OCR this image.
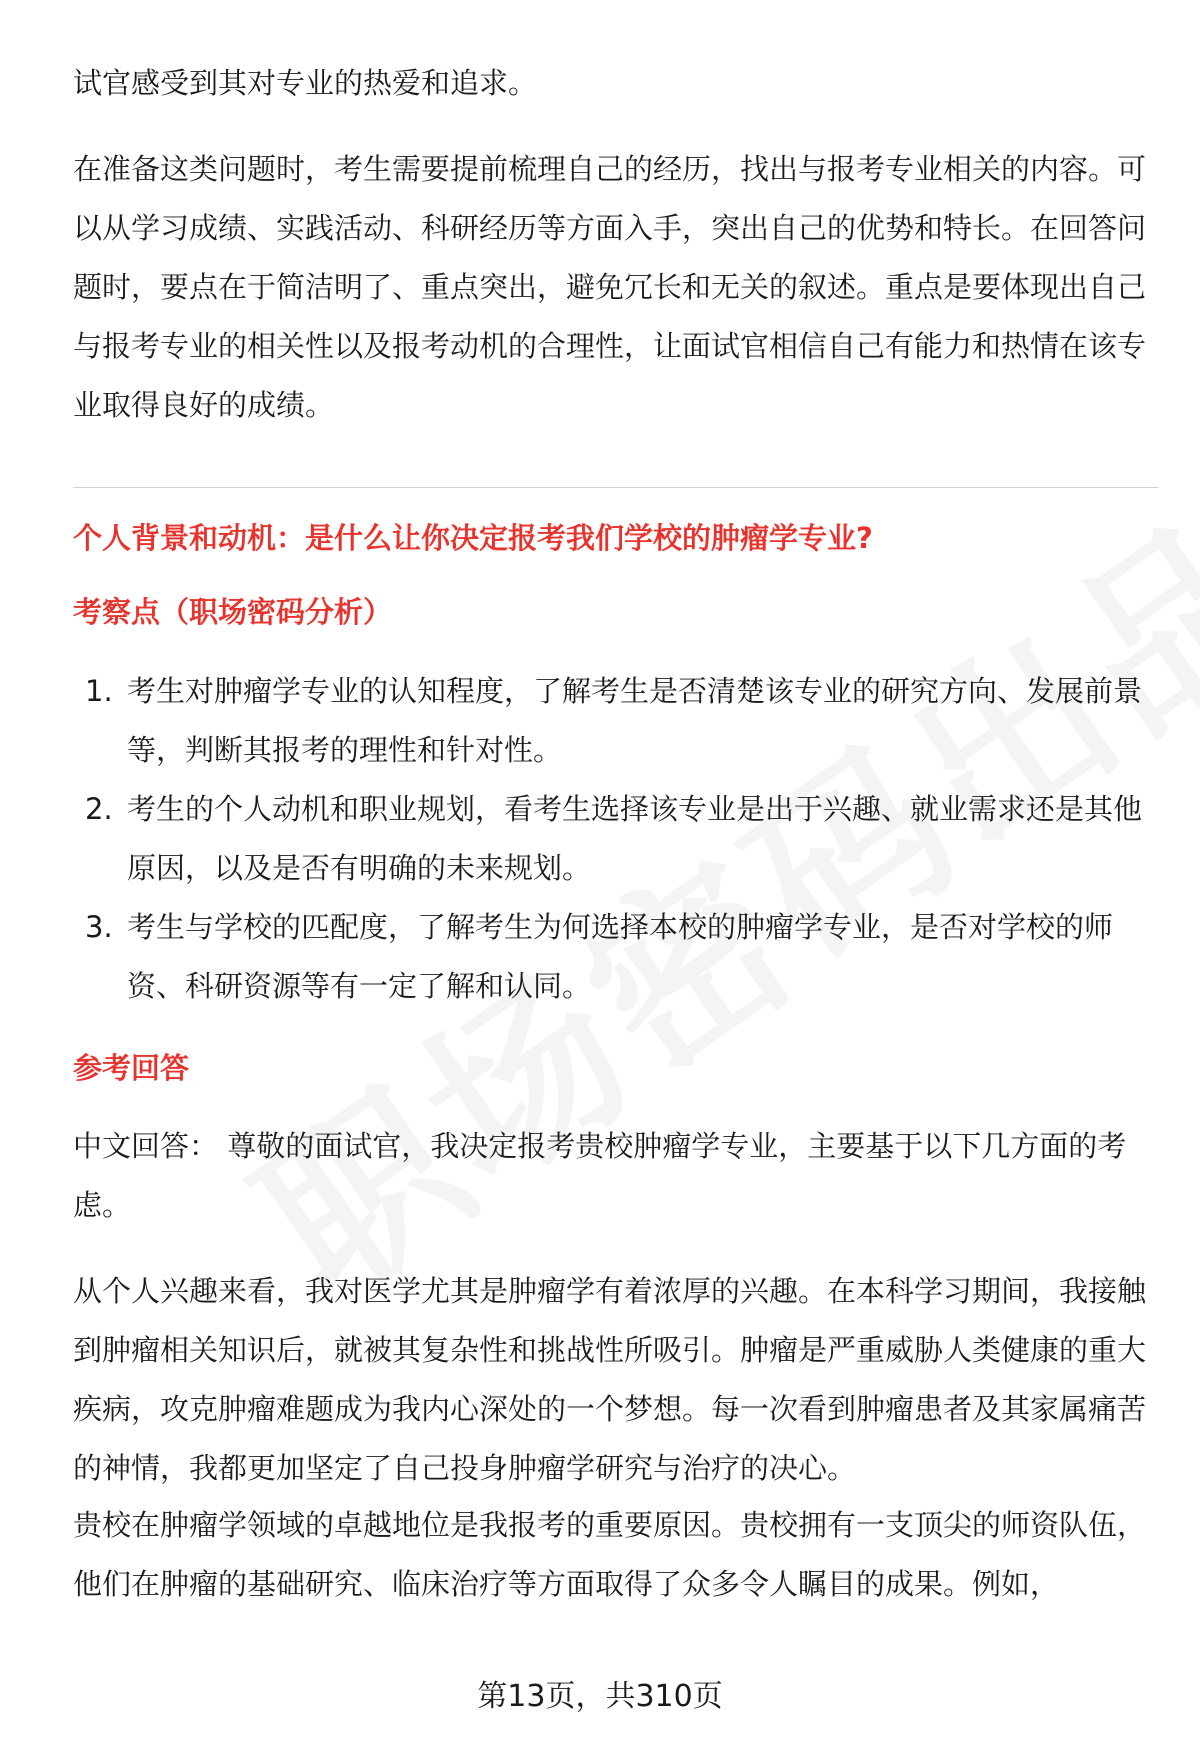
试官感受到其对专业的热爱和追求。

在准备这类问题时，考生需要提前梳理自己的经历，找出与报考专业相关的内容。可以从学习成绩、实践活动、科研经历等方面入手，突出自己的优势和特长。在回答问题时，要点在于简洁明了、重点突出，避免冗长和无关的叙述。重点是要体现出自己与报考专业的相关性以及报考动机的合理性，让面试官相信自己有能力和热情在该专业取得良好的成绩。

个人背景和动机：是什么让你决定报考我们学校的肿瘤学专业?
考察点（职场密码分析）
1. 考生对肿瘤学专业的认知程度，了解考生是否清楚该专业的研究方向、发展前景等，判断其报考的理性和针对性。
2. 考生的个人动机和职业规划，看考生选择该专业是出于兴趣、就业需求还是其他原因，以及是否有明确的未来规划。
3. 考生与学校的匹配度，了解考生为何选择本校的肿瘤学专业，是否对学校的师资、科研资源等有一定了解和认同。
参考回答

中文回答： 尊敬的面试官，我决定报考贵校肿瘤学专业，主要基于以下几方面的考虑。

从个人兴趣来看，我对医学尤其是肿瘤学有着浓厚的兴趣。在本科学习期间，我接触到肿瘤相关知识后，就被其复杂性和挑战性所吸引。肿瘤是严重威胁人类健康的重大疾病，攻克肿瘤难题成为我内心深处的一个梦想。每一次看到肿瘤患者及其家属痛苦的神情，我都更加坚定了自己投身肿瘤学研究与治疗的决心。

贵校在肿瘤学领域的卓越地位是我报考的重要原因。贵校拥有一支顶尖的师资队伍，他们在肿瘤的基础研究、临床治疗等方面取得了众多令人瞩目的成果。例如，

第13页，共310页
